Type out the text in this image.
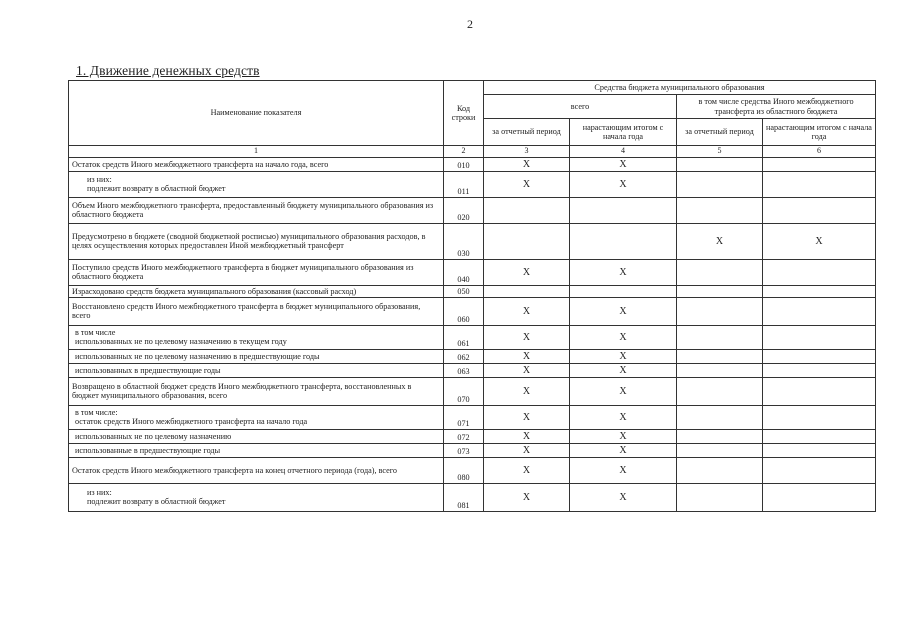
2
1. Движение денежных средств
Наименование показателя	Код строки	Средства бюджета муниципального образования			
		всего		в том числе средства Иного межбюджетного трансферта из областного бюджета	
		за отчетный период	нарастающим итогом с начала года	за отчетный период	нарастающим итогом с начала года
1	2	3	4	5	6
Остаток средств Иного межбюджетного трансферта на начало года, всего	010	X	X		

из них:
подлежит возврату в областной бюджет	011	X	X		
Объем Иного межбюджетного трансферта, предоставленный бюджету муниципального образования из областного бюджета	020				
Предусмотрено в бюджете (сводной бюджетной росписью) муниципального образования расходов, в целях осуществления которых предоставлен Иной межбюджетный трансферт	030			X	X
Поступило средств Иного межбюджетного трансферта в бюджет муниципального образования из областного бюджета	040	X	X		
Израсходовано средств бюджета муниципального образования (кассовый расход)	050				
Восстановлено средств Иного межбюджетного трансферта в бюджет муниципального образования, всего	060	X	X		

в том числе
использованных не по целевому назначению в текущем году	061	X	X		
использованных не по целевому назначению в предшествующие годы	062	X	X		
использованных в предшествующие годы	063	X	X		
Возвращено в областной бюджет средств Иного межбюджетного трансферта, восстановленных в бюджет муниципального образования, всего	070	X	X		

в том числе:
остаток средств Иного межбюджетного трансферта на начало года	071	X	X		
использованных не по целевому назначению	072	X	X		
использованные в предшествующие годы	073	X	X		
Остаток средств Иного межбюджетного трансферта на конец отчетного периода (года), всего	080	X	X		

из них:
подлежит возврату в областной бюджет	081	X	X		
